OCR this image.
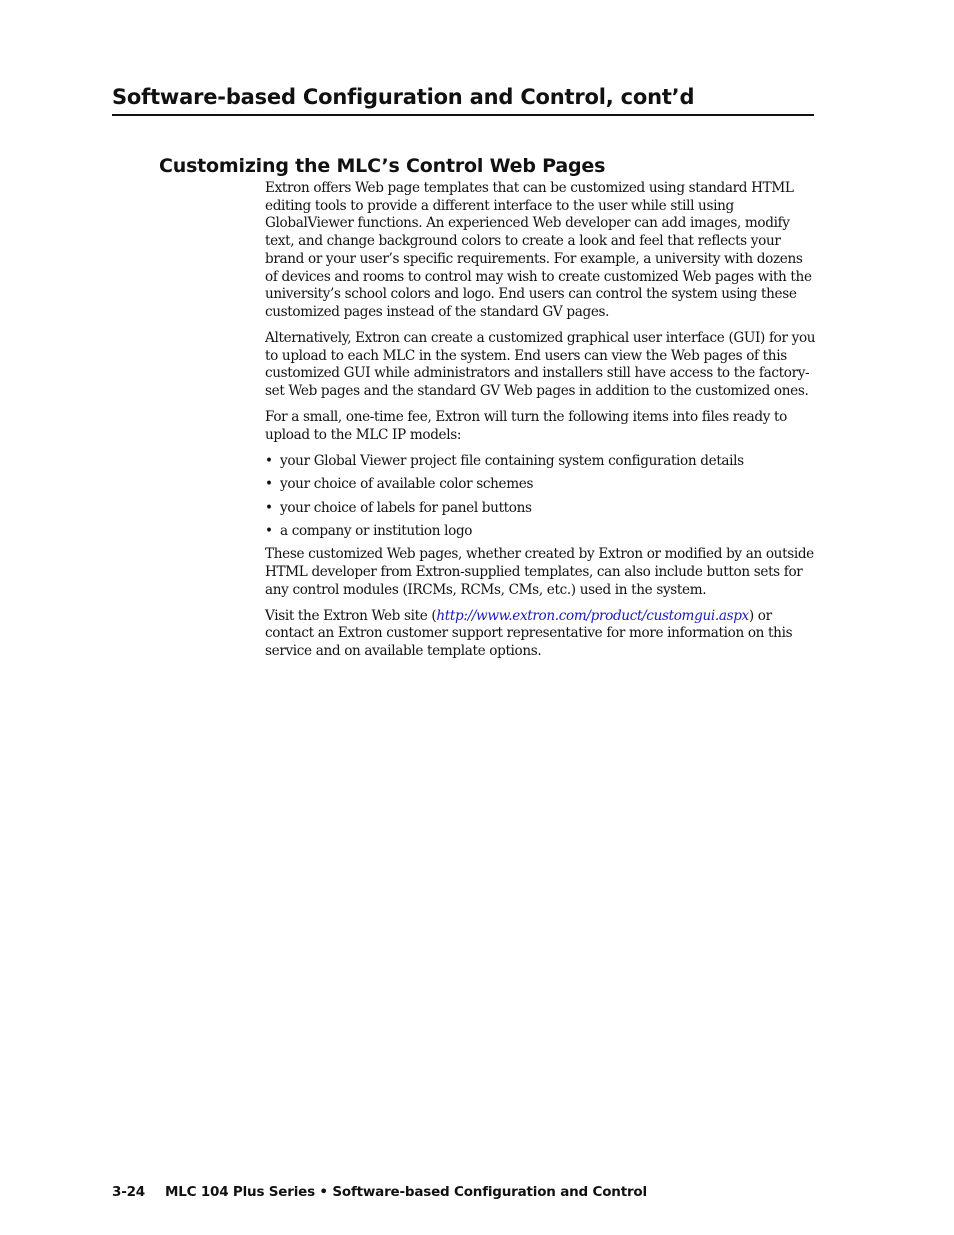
Software-based Configuration and Control, cont’d
Customizing the MLC’s Control Web Pages

Extron offers Web page templates that can be customized using standard HTML editing tools to provide a different interface to the user while still using GlobalViewer functions. An experienced Web developer can add images, modify text, and change background colors to create a look and feel that reflects your brand or your user’s specific requirements. For example, a university with dozens of devices and rooms to control may wish to create customized Web pages with the university’s school colors and logo. End users can control the system using these customized pages instead of the standard GV pages.

Alternatively, Extron can create a customized graphical user interface (GUI) for you to upload to each MLC in the system. End users can view the Web pages of this customized GUI while administrators and installers still have access to the factory-set Web pages and the standard GV Web pages in addition to the customized ones.

For a small, one-time fee, Extron will turn the following items into files ready to upload to the MLC IP models:

• your Global Viewer project file containing system configuration details
• your choice of available color schemes
• your choice of labels for panel buttons
• a company or institution logo

These customized Web pages, whether created by Extron or modified by an outside HTML developer from Extron-supplied templates, can also include button sets for any control modules (IRCMs, RCMs, CMs, etc.) used in the system.

Visit the Extron Web site (http://www.extron.com/product/customgui.aspx) or contact an Extron customer support representative for more information on this service and on available template options.

3-24 MLC 104 Plus Series • Software-based Configuration and Control
